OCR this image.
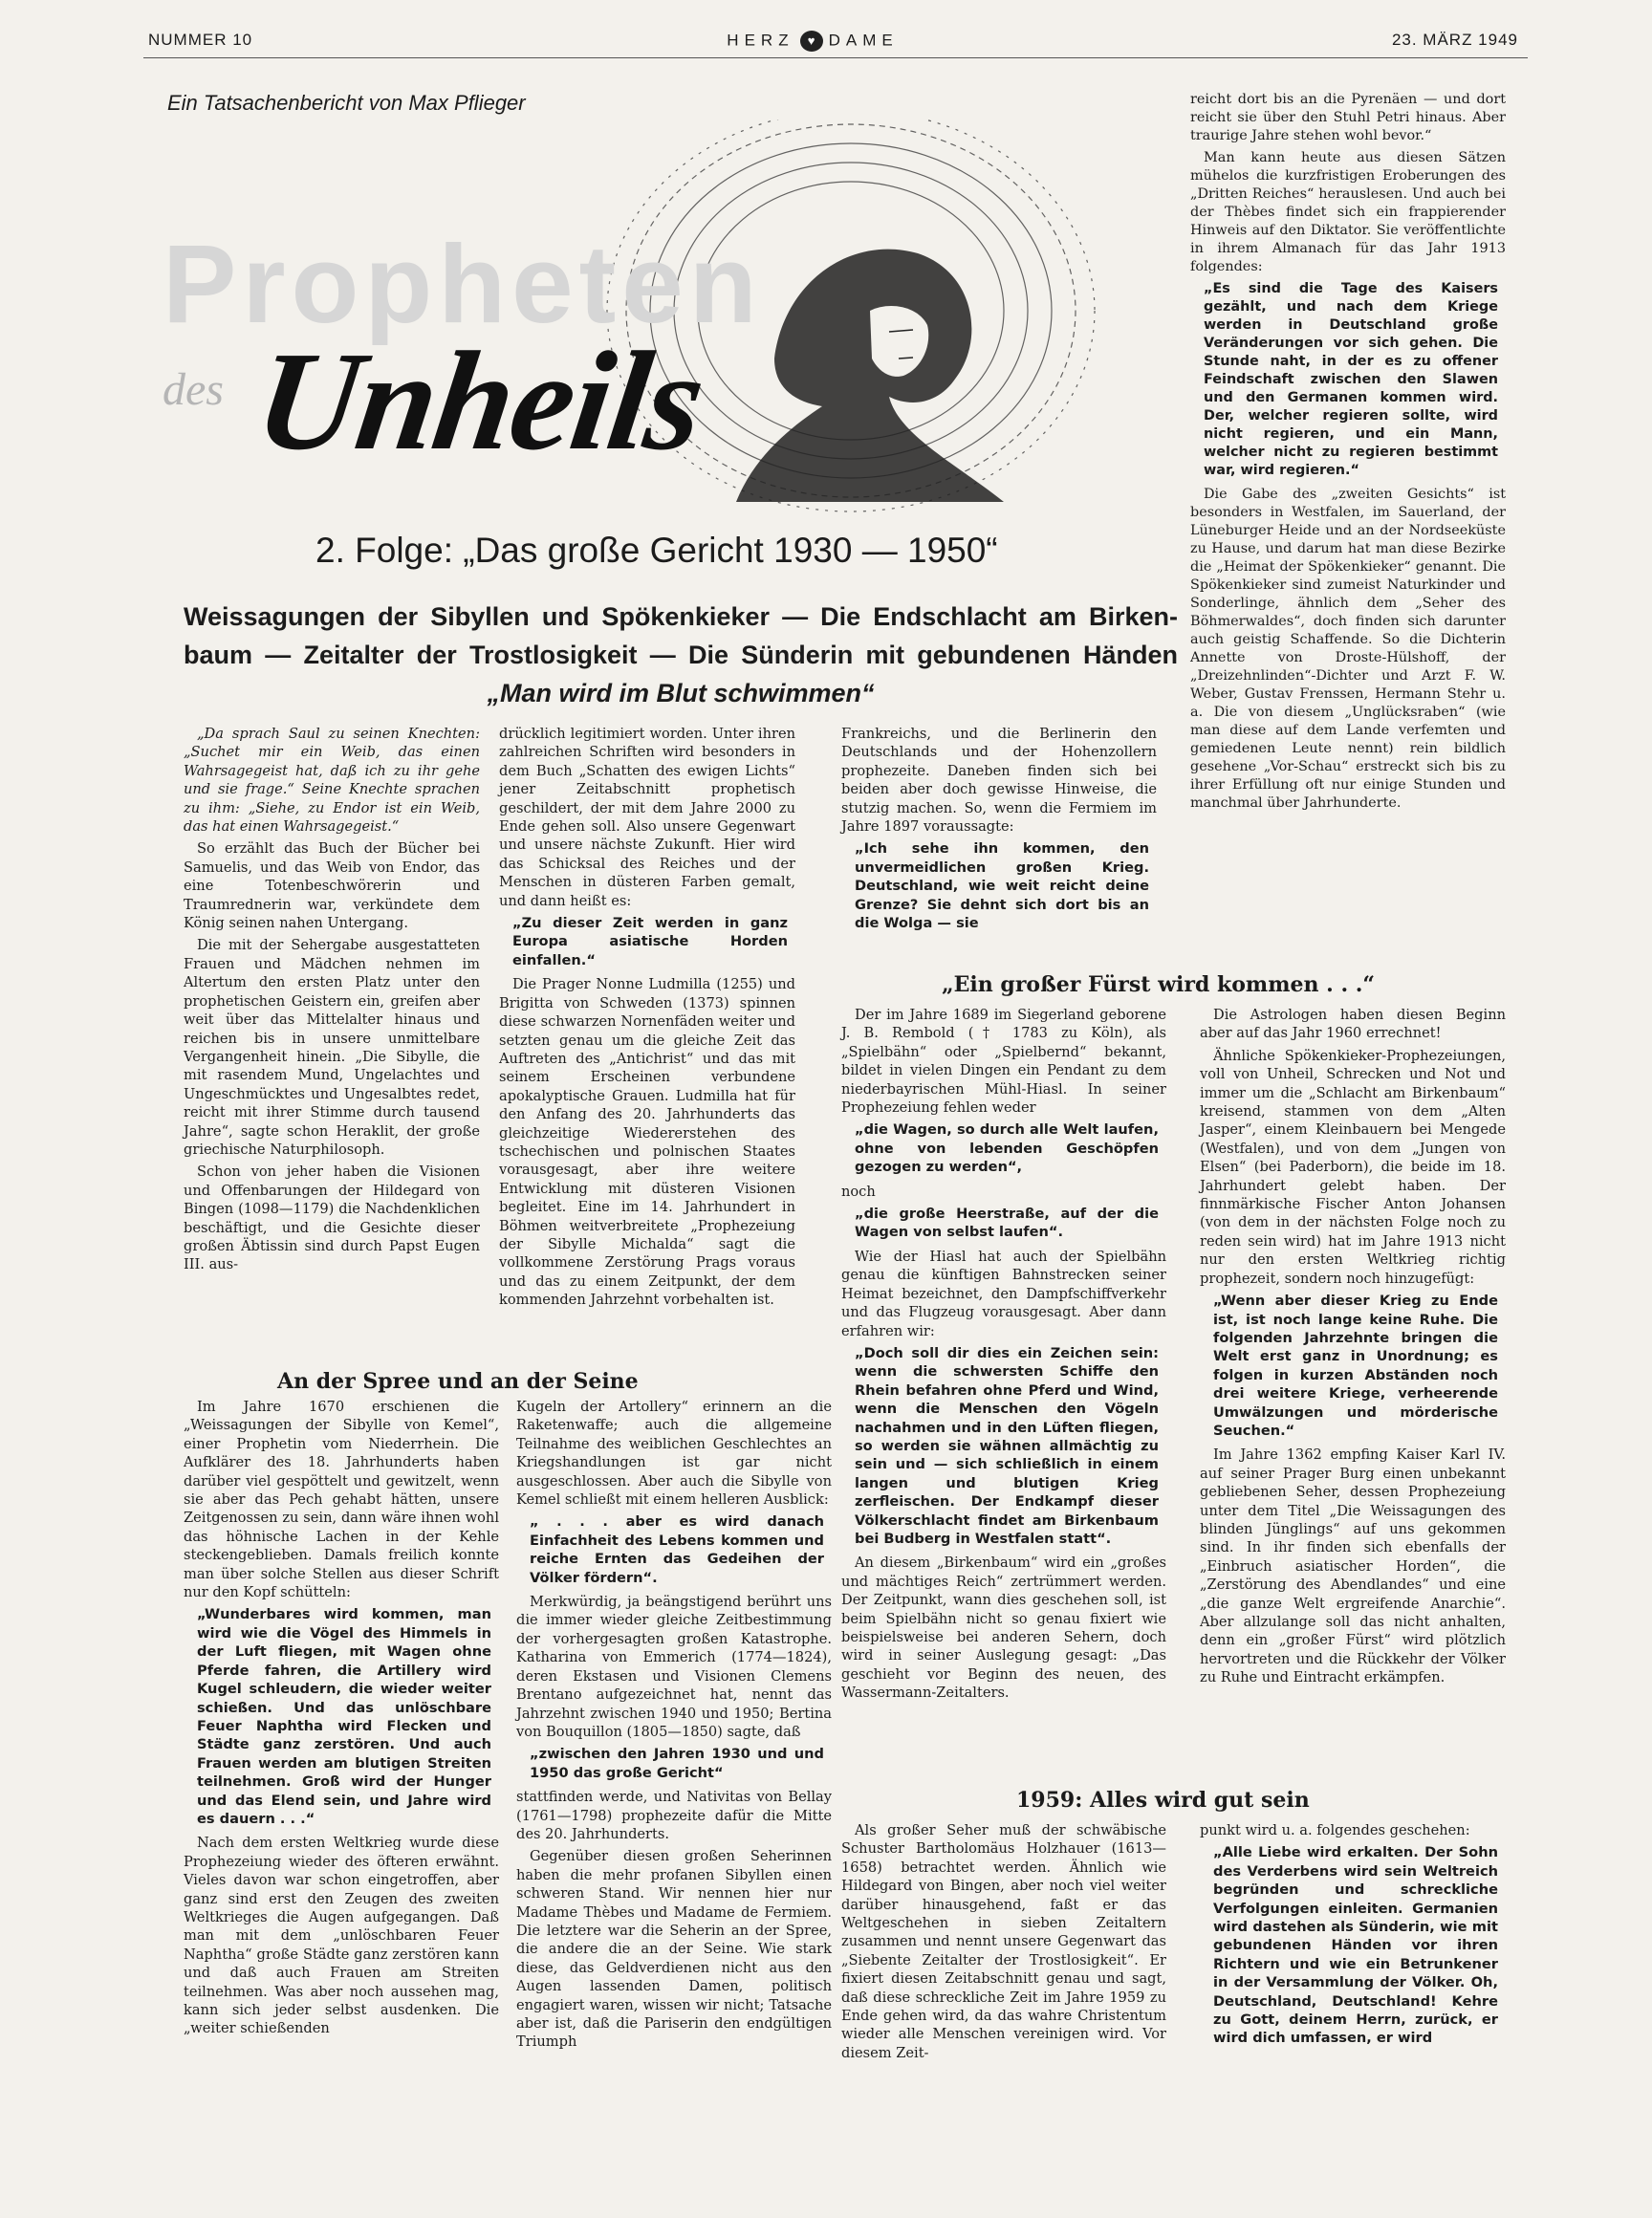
NUMMER 10	HERZ ♥ DAME	23. MÄRZ 1949
Ein Tatsachenbericht von Max Pflieger
Propheten
des Unheils
2. Folge: „Das große Gericht 1930 — 1950“
Weissagungen der Sibyllen und Spökenkieker — Die Endschlacht am Birken-
baum — Zeitalter der Trostlosigkeit — Die Sünderin mit gebundenen Händen
„Man wird im Blut schwimmen“

„Da sprach Saul zu seinen Knechten: „Suchet mir ein Weib, das einen Wahrsagegeist hat, daß ich zu ihr gehe und sie frage.“ Seine Knechte sprachen zu ihm: „Siehe, zu Endor ist ein Weib, das hat einen Wahrsagegeist.“

So erzählt das Buch der Bücher bei Samuelis, und das Weib von Endor, das eine Totenbeschwörerin und Traumrednerin war, verkündete dem König seinen nahen Untergang.

Die mit der Sehergabe ausgestatteten Frauen und Mädchen nehmen im Altertum den ersten Platz unter den prophetischen Geistern ein, greifen aber weit über das Mittelalter hinaus und reichen bis in unsere unmittelbare Vergangenheit hinein. „Die Sibylle, die mit rasendem Mund, Ungelachtes und Ungeschmücktes und Ungesalbtes redet, reicht mit ihrer Stimme durch tausend Jahre“, sagte schon Heraklit, der große griechische Naturphilosoph.

Schon von jeher haben die Visionen und Offenbarungen der Hildegard von Bingen (1098—1179) die Nachdenklichen beschäftigt, und die Gesichte dieser großen Äbtissin sind durch Papst Eugen III. aus-

drücklich legitimiert worden. Unter ihren zahlreichen Schriften wird besonders in dem Buch „Schatten des ewigen Lichts“ jener Zeitabschnitt prophetisch geschildert, der mit dem Jahre 2000 zu Ende gehen soll. Also unsere Gegenwart und unsere nächste Zukunft. Hier wird das Schicksal des Reiches und der Menschen in düsteren Farben gemalt, und dann heißt es:

„Zu dieser Zeit werden in ganz Europa asiatische Horden einfallen.“

Die Prager Nonne Ludmilla (1255) und Brigitta von Schweden (1373) spinnen diese schwarzen Nornenfäden weiter und setzten genau um die gleiche Zeit das Auftreten des „Antichrist“ und das mit seinem Erscheinen verbundene apokalyptische Grauen. Ludmilla hat für den Anfang des 20. Jahrhunderts das gleichzeitige Wiedererstehen des tschechischen und polnischen Staates vorausgesagt, aber ihre weitere Entwicklung mit düsteren Visionen begleitet. Eine im 14. Jahrhundert in Böhmen weitverbreitete „Prophezeiung der Sibylle Michalda“ sagt die vollkommene Zerstörung Prags voraus und das zu einem Zeitpunkt, der dem kommenden Jahrzehnt vorbehalten ist.

Frankreichs, und die Berlinerin den Deutschlands und der Hohenzollern prophezeite. Daneben finden sich bei beiden aber doch gewisse Hinweise, die stutzig machen. So, wenn die Fermiem im Jahre 1897 voraussagte:

„Ich sehe ihn kommen, den unvermeidlichen großen Krieg. Deutschland, wie weit reicht deine Grenze? Sie dehnt sich dort bis an die Wolga — sie

reicht dort bis an die Pyrenäen — und dort reicht sie über den Stuhl Petri hinaus. Aber traurige Jahre stehen wohl bevor.“

Man kann heute aus diesen Sätzen mühelos die kurzfristigen Eroberungen des „Dritten Reiches“ herauslesen. Und auch bei der Thèbes findet sich ein frappierender Hinweis auf den Diktator. Sie veröffentlichte in ihrem Almanach für das Jahr 1913 folgendes:

„Es sind die Tage des Kaisers gezählt, und nach dem Kriege werden in Deutschland große Veränderungen vor sich gehen. Die Stunde naht, in der es zu offener Feindschaft zwischen den Slawen und den Germanen kommen wird. Der, welcher regieren sollte, wird nicht regieren, und ein Mann, welcher nicht zu regieren bestimmt war, wird regieren.“

Die Gabe des „zweiten Gesichts“ ist besonders in Westfalen, im Sauerland, der Lüneburger Heide und an der Nordseeküste zu Hause, und darum hat man diese Bezirke die „Heimat der Spökenkieker“ genannt. Die Spökenkieker sind zumeist Naturkinder und Sonderlinge, ähnlich dem „Seher des Böhmerwaldes“, doch finden sich darunter auch geistig Schaffende. So die Dichterin Annette von Droste-Hülshoff, der „Dreizehnlinden“-Dichter und Arzt F. W. Weber, Gustav Frenssen, Hermann Stehr u. a. Die von diesem „Unglücksraben“ (wie man diese auf dem Lande verfemten und gemiedenen Leute nennt) rein bildlich gesehene „Vor-Schau“ erstreckt sich bis zu ihrer Erfüllung oft nur einige Stunden und manchmal über Jahrhunderte.

An der Spree und an der Seine

Im Jahre 1670 erschienen die „Weissagungen der Sibylle von Kemel“, einer Prophetin vom Niederrhein. Die Aufklärer des 18. Jahrhunderts haben darüber viel gespöttelt und gewitzelt, wenn sie aber das Pech gehabt hätten, unsere Zeitgenossen zu sein, dann wäre ihnen wohl das höhnische Lachen in der Kehle steckengeblieben. Damals freilich konnte man über solche Stellen aus dieser Schrift nur den Kopf schütteln:

„Wunderbares wird kommen, man wird wie die Vögel des Himmels in der Luft fliegen, mit Wagen ohne Pferde fahren, die Artillery wird Kugel schleudern, die wieder weiter schießen. Und das unlöschbare Feuer Naphtha wird Flecken und Städte ganz zerstören. Und auch Frauen werden am blutigen Streiten teilnehmen. Groß wird der Hunger und das Elend sein, und Jahre wird es dauern . . .“

Nach dem ersten Weltkrieg wurde diese Prophezeiung wieder des öfteren erwähnt. Vieles davon war schon eingetroffen, aber ganz sind erst den Zeugen des zweiten Weltkrieges die Augen aufgegangen. Daß man mit dem „unlöschbaren Feuer Naphtha“ große Städte ganz zerstören kann und daß auch Frauen am Streiten teilnehmen. Was aber noch aussehen mag, kann sich jeder selbst ausdenken. Die „weiter schießenden

Kugeln der Artollery“ erinnern an die Raketenwaffe; auch die allgemeine Teilnahme des weiblichen Geschlechtes an Kriegshandlungen ist gar nicht ausgeschlossen. Aber auch die Sibylle von Kemel schließt mit einem helleren Ausblick:

„ . . . aber es wird danach Einfachheit des Lebens kommen und reiche Ernten das Gedeihen der Völker fördern“.

Merkwürdig, ja beängstigend berührt uns die immer wieder gleiche Zeitbestimmung der vorhergesagten großen Katastrophe. Katharina von Emmerich (1774—1824), deren Ekstasen und Visionen Clemens Brentano aufgezeichnet hat, nennt das Jahrzehnt zwischen 1940 und 1950; Bertina von Bouquillon (1805—1850) sagte, daß

„zwischen den Jahren 1930 und und 1950 das große Gericht“

stattfinden werde, und Nativitas von Bellay (1761—1798) prophezeite dafür die Mitte des 20. Jahrhunderts.

Gegenüber diesen großen Seherinnen haben die mehr profanen Sibyllen einen schweren Stand. Wir nennen hier nur Madame Thèbes und Madame de Fermiem. Die letztere war die Seherin an der Spree, die andere die an der Seine. Wie stark diese, das Geldverdienen nicht aus den Augen lassenden Damen, politisch engagiert waren, wissen wir nicht; Tatsache aber ist, daß die Pariserin den endgültigen Triumph

„Ein großer Fürst wird kommen . . .“

Der im Jahre 1689 im Siegerland geborene J. B. Rembold († 1783 zu Köln), als „Spielbähn“ oder „Spielbernd“ bekannt, bildet in vielen Dingen ein Pendant zu dem niederbayrischen Mühl-Hiasl. In seiner Prophezeiung fehlen weder

„die Wagen, so durch alle Welt laufen, ohne von lebenden Geschöpfen gezogen zu werden“,

noch

„die große Heerstraße, auf der die Wagen von selbst laufen“.

Wie der Hiasl hat auch der Spielbähn genau die künftigen Bahnstrecken seiner Heimat bezeichnet, den Dampfschiffverkehr und das Flugzeug vorausgesagt. Aber dann erfahren wir:

„Doch soll dir dies ein Zeichen sein: wenn die schwersten Schiffe den Rhein befahren ohne Pferd und Wind, wenn die Menschen den Vögeln nachahmen und in den Lüften fliegen, so werden sie wähnen allmächtig zu sein und — sich schließlich in einem langen und blutigen Krieg zerfleischen. Der Endkampf dieser Völkerschlacht findet am Birkenbaum bei Budberg in Westfalen statt“.

An diesem „Birkenbaum“ wird ein „großes und mächtiges Reich“ zertrümmert werden. Der Zeitpunkt, wann dies geschehen soll, ist beim Spielbähn nicht so genau fixiert wie beispielsweise bei anderen Sehern, doch wird in seiner Auslegung gesagt: „Das geschieht vor Beginn des neuen, des Wassermann-Zeitalters.

Die Astrologen haben diesen Beginn aber auf das Jahr 1960 errechnet!

Ähnliche Spökenkieker-Prophezeiungen, voll von Unheil, Schrecken und Not und immer um die „Schlacht am Birkenbaum“ kreisend, stammen von dem „Alten Jasper“, einem Kleinbauern bei Mengede (Westfalen), und von dem „Jungen von Elsen“ (bei Paderborn), die beide im 18. Jahrhundert gelebt haben. Der finnmärkische Fischer Anton Johansen (von dem in der nächsten Folge noch zu reden sein wird) hat im Jahre 1913 nicht nur den ersten Weltkrieg richtig prophezeit, sondern noch hinzugefügt:

„Wenn aber dieser Krieg zu Ende ist, ist noch lange keine Ruhe. Die folgenden Jahrzehnte bringen die Welt erst ganz in Unordnung; es folgen in kurzen Abständen noch drei weitere Kriege, verheerende Umwälzungen und mörderische Seuchen.“

Im Jahre 1362 empfing Kaiser Karl IV. auf seiner Prager Burg einen unbekannt gebliebenen Seher, dessen Prophezeiung unter dem Titel „Die Weissagungen des blinden Jünglings“ auf uns gekommen sind. In ihr finden sich ebenfalls der „Einbruch asiatischer Horden“, die „Zerstörung des Abendlandes“ und eine „die ganze Welt ergreifende Anarchie“. Aber allzulange soll das nicht anhalten, denn ein „großer Fürst“ wird plötzlich hervortreten und die Rückkehr der Völker zu Ruhe und Eintracht erkämpfen.

1959: Alles wird gut sein

Als großer Seher muß der schwäbische Schuster Bartholomäus Holzhauer (1613—1658) betrachtet werden. Ähnlich wie Hildegard von Bingen, aber noch viel weiter darüber hinausgehend, faßt er das Weltgeschehen in sieben Zeitaltern zusammen und nennt unsere Gegenwart das „Siebente Zeitalter der Trostlosigkeit“. Er fixiert diesen Zeitabschnitt genau und sagt, daß diese schreckliche Zeit im Jahre 1959 zu Ende gehen wird, da das wahre Christentum wieder alle Menschen vereinigen wird. Vor diesem Zeit-

punkt wird u. a. folgendes geschehen:

„Alle Liebe wird erkalten. Der Sohn des Verderbens wird sein Weltreich begründen und schreckliche Verfolgungen einleiten. Germanien wird dastehen als Sünderin, wie mit gebundenen Händen vor ihren Richtern und wie ein Betrunkener in der Versammlung der Völker. Oh, Deutschland, Deutschland! Kehre zu Gott, deinem Herrn, zurück, er wird dich umfassen, er wird
